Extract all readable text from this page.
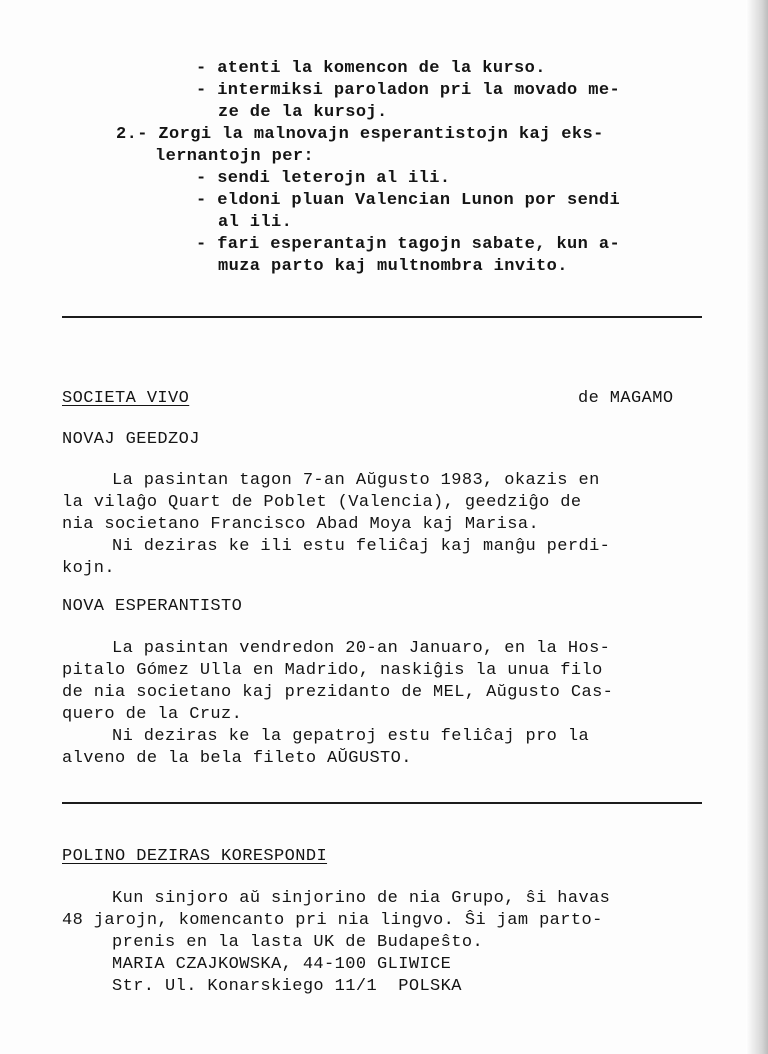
- atenti la komencon de la kurso.
- intermiksi paroladon pri la movado me-
ze de la kursoj.
2.- Zorgi la malnovajn esperantistojn kaj eks-
lernantojn per:
- sendi leterojn al ili.
- eldoni pluan Valencian Lunon por sendi
al ili.
- fari esperantajn tagojn sabate, kun a-
muza parto kaj multnombra invito.
SOCIETA VIVO	de MAGAMO
NOVAJ GEEDZOJ
La pasintan tagon 7-an Aŭgusto 1983, okazis en
la vilaĝo Quart de Poblet (Valencia), geedziĝo de
nia societano Francisco Abad Moya kaj Marisa.
Ni deziras ke ili estu feliĉaj kaj manĝu perdi-
kojn.
NOVA ESPERANTISTO
La pasintan vendredon 20-an Januaro, en la Hos-
pitalo Gómez Ulla en Madrido, naskiĝis la unua filo
de nia societano kaj prezidanto de MEL, Aŭgusto Cas-
quero de la Cruz.
Ni deziras ke la gepatroj estu feliĉaj pro la
alveno de la bela fileto AŬGUSTO.
POLINO DEZIRAS KORESPONDI
Kun sinjoro aŭ sinjorino de nia Grupo, ŝi havas
48 jarojn, komencanto pri nia lingvo. Ŝi jam parto-
prenis en la lasta UK de Budapeŝto.
MARIA CZAJKOWSKA, 44-100 GLIWICE
Str. Ul. Konarskiego 11/1  POLSKA
